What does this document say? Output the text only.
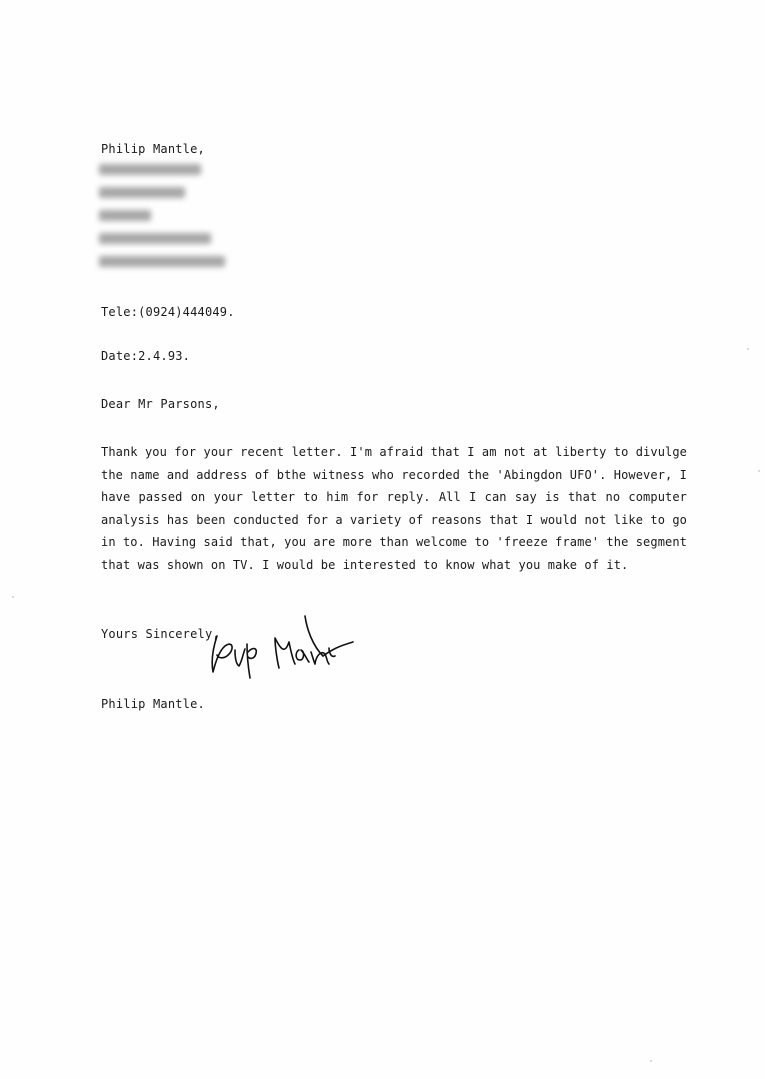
Philip Mantle,
Tele:(0924)444049.
Date:2.4.93.
Dear Mr Parsons,
Thank you for your recent letter. I'm afraid that I am not at liberty to divulge the name and address of bthe witness who recorded the 'Abingdon UFO'. However, I have passed on your letter to him for reply. All I can say is that no computer analysis has been conducted for a variety of reasons that I would not like to go in to. Having said that, you are more than welcome to 'freeze frame' the segment that was shown on TV. I would be interested to know what you make of it.
Yours Sincerely,
Philip Mantle.
